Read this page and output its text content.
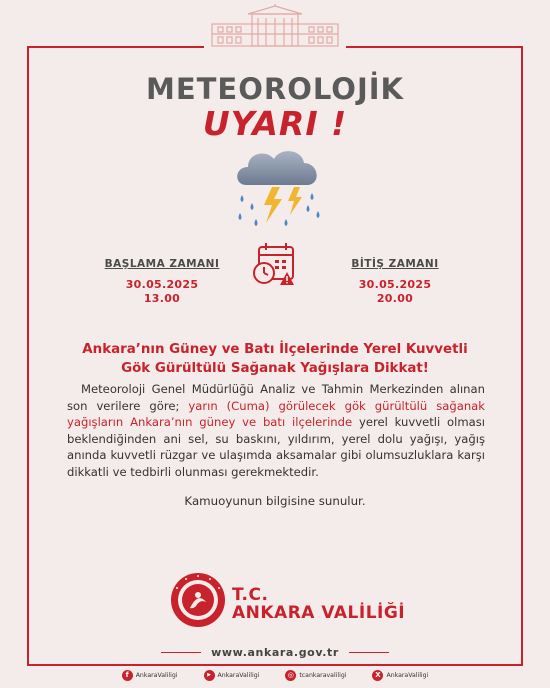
METEOROLOJİK
UYARI !
BAŞLAMA ZAMANI
30.05.2025
13.00
BİTİŞ ZAMANI
30.05.2025
20.00
Ankara’nın Güney ve Batı İlçelerinde Yerel Kuvvetli
Gök Gürültülü Sağanak Yağışlara Dikkat!

Meteoroloji Genel Müdürlüğü Analiz ve Tahmin Merkezinden alınan son verilere göre; yarın (Cuma) görülecek gök gürültülü sağanak yağışların Ankara’nın güney ve batı ilçelerinde yerel kuvvetli olması beklendiğinden ani sel, su baskını, yıldırım, yerel dolu yağışı, yağış anında kuvvetli rüzgar ve ulaşımda aksamalar gibi olumsuzluklara karşı dikkatli ve tedbirli olunması gerekmektedir.

Kamuoyunun bilgisine sunulur.
T.C.
ANKARA VALİLİĞİ
www.ankara.gov.tr
f	AnkaraValiligi	▶	AnkaraValiligi	◎ tcankaravaliligi	X AnkaraValiligi
